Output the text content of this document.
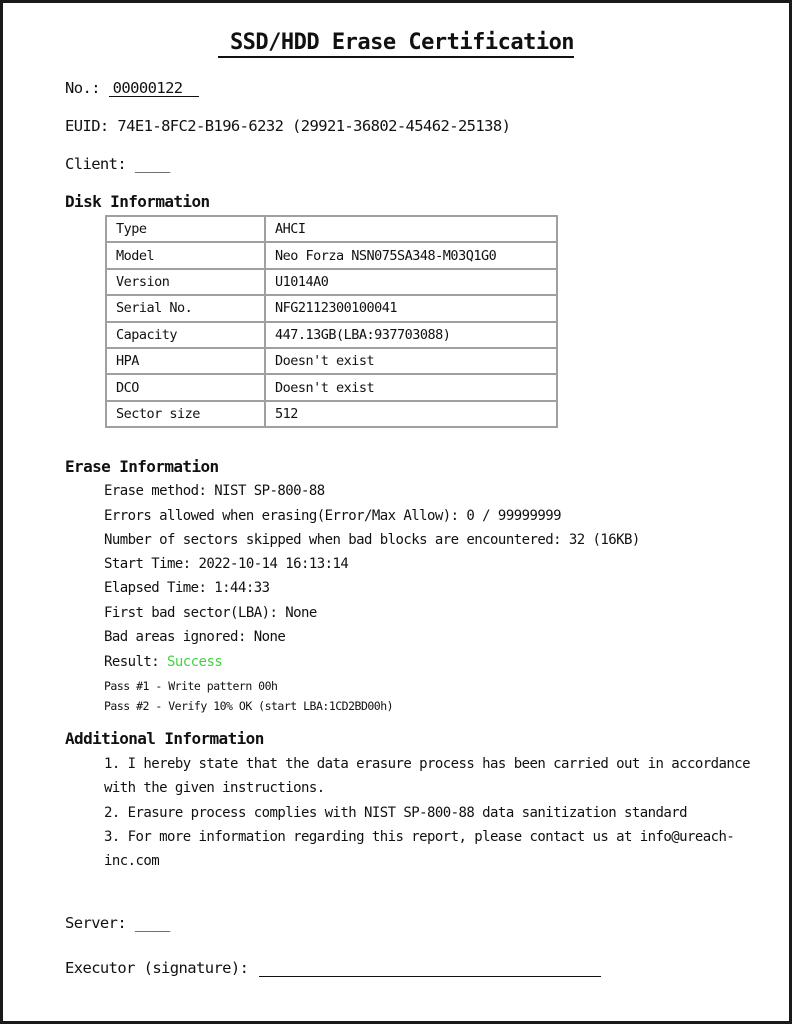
SSD/HDD Erase Certification
No.: 00000122
EUID: 74E1-8FC2-B196-6232 (29921-36802-45462-25138)
Client: ____
Disk Information
Type	AHCI
Model	Neo Forza NSN075SA348-M03Q1G0
Version	U1014A0
Serial No.	NFG2112300100041
Capacity	447.13GB(LBA:937703088)
HPA	Doesn't exist
DCO	Doesn't exist
Sector size	512
Erase Information
Erase method: NIST SP-800-88
Errors allowed when erasing(Error/Max Allow): 0 / 99999999
Number of sectors skipped when bad blocks are encountered: 32 (16KB)
Start Time: 2022-10-14 16:13:14
Elapsed Time: 1:44:33
First bad sector(LBA): None
Bad areas ignored: None
Result: Success
Pass #1 - Write pattern 00h
Pass #2 - Verify 10% OK (start LBA:1CD2BD00h)
Additional Information

1. I hereby state that the data erasure process has been carried out in accordance with the given instructions.

2. Erasure process complies with NIST SP-800-88 data sanitization standard

3. For more information regarding this report, please contact us at info@ureach-inc.com

Server: ____
Executor (signature):
